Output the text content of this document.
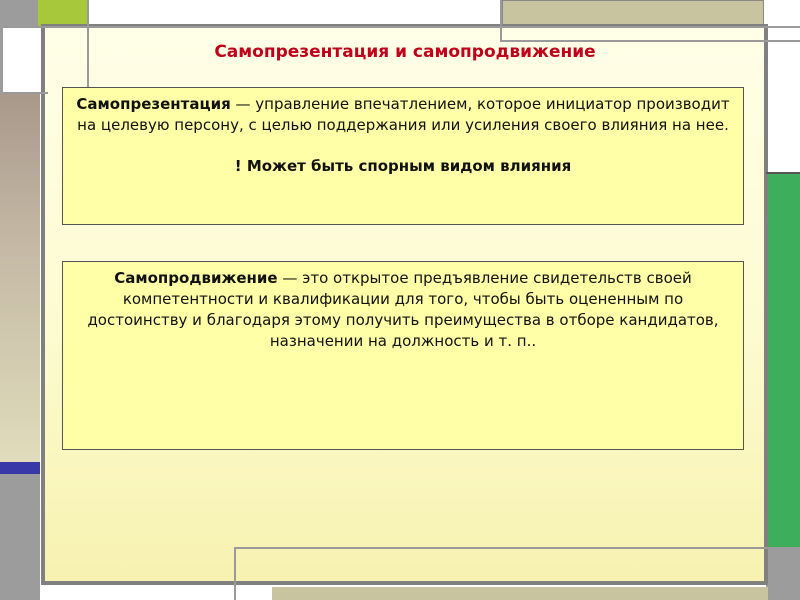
Самопрезентация и самопродвижение

Самопрезентация — управление впечатлением, которое инициатор производит на целевую персону, с целью поддержания или усиления своего влияния на нее.

! Может быть спорным видом влияния

Самопродвижение — это открытое предъявление свидетельств своей компетентности и квалификации для того, чтобы быть оцененным по достоинству и благодаря этому получить преимущества в отборе кандидатов, назначении на должность и т. п..
